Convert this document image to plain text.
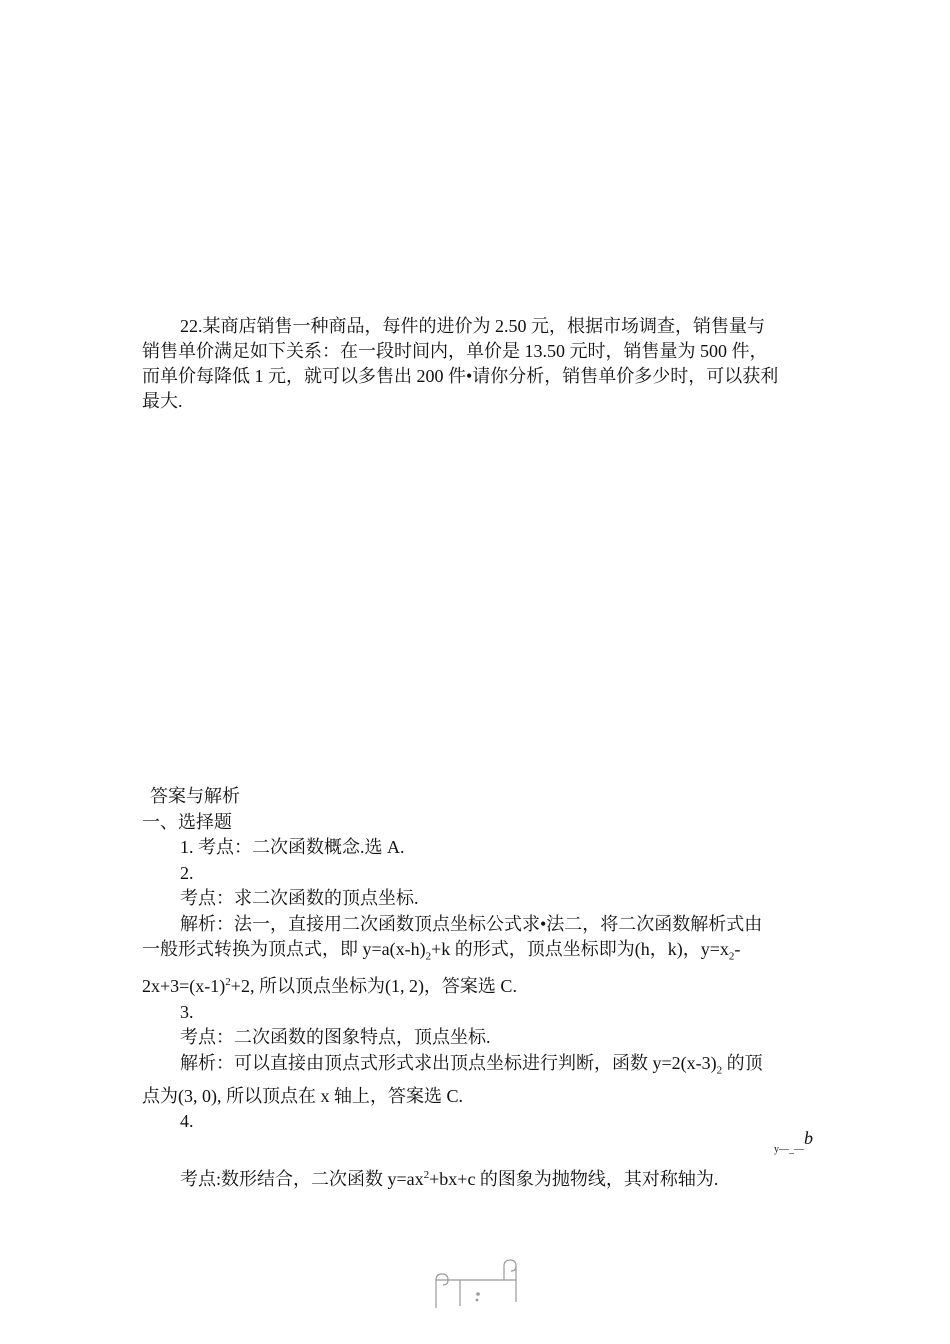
22.某商店销售一种商品，每件的进价为 2.50 元，根据市场调查，销售量与
销售单价满足如下关系：在一段时间内，单价是 13.50 元时，销售量为 500 件，
而单价每降低 1 元，就可以多售出 200 件•请你分析，销售单价多少时，可以获利
最大.
答案与解析
一、选择题
1. 考点：二次函数概念.选 A.
2.
考点：求二次函数的顶点坐标.
解析：法一，直接用二次函数顶点坐标公式求•法二，将二次函数解析式由
一般形式转换为顶点式，即 $y=a(x-h)_2+k$ 的形式，顶点坐标即为(h，k)，$y=x_2-$
$2x+3=(x-1)^2+2$, 所以顶点坐标为(1, 2)，答案选 C.
3.
考点：二次函数的图象特点，顶点坐标.
解析：可以直接由顶点式形式求出顶点坐标进行判断，函数 $y=2(x-3)_2$ 的顶
点为(3, 0), 所以顶点在 x 轴上，答案选 C.
4.
考点:数形结合，二次函数 $y=ax^2+bx+c$ 的图象为抛物线，其对称轴为.
b
y—_—
